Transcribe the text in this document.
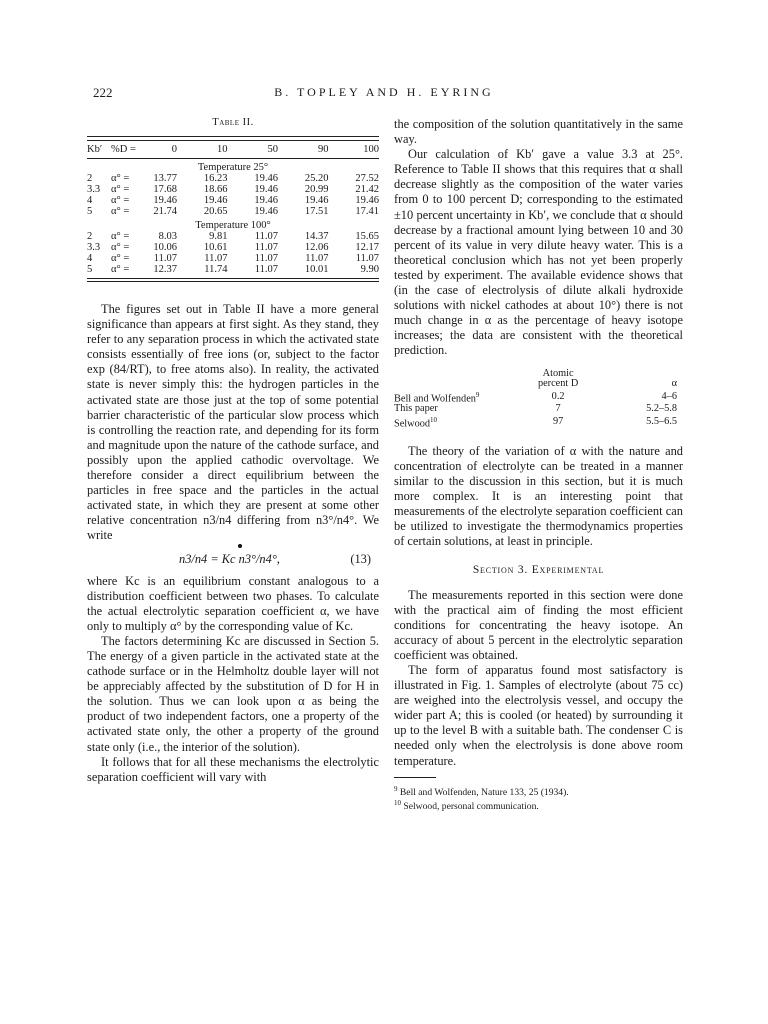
222	B. TOPLEY AND H. EYRING
Table II.

Kb′	%D =	0	10	50	90	100
Temperature 25°						
2	α° =	13.77	16.23	19.46	25.20	27.52
3.3	α° =	17.68	18.66	19.46	20.99	21.42
4	α° =	19.46	19.46	19.46	19.46	19.46
5	α° =	21.74	20.65	19.46	17.51	17.41
Temperature 100°						
2	α° =	8.03	9.81	11.07	14.37	15.65
3.3	α° =	10.06	10.61	11.07	12.06	12.17
4	α° =	11.07	11.07	11.07	11.07	11.07
5	α° =	12.37	11.74	11.07	10.01	9.90

The figures set out in Table II have a more general significance than appears at first sight. As they stand, they refer to any separation process in which the activated state consists essentially of free ions (or, subject to the factor exp (84/RT), to free atoms also). In reality, the activated state is never simply this: the hydrogen particles in the activated state are those just at the top of some potential barrier characteristic of the particular slow process which is controlling the reaction rate, and depending for its form and magnitude upon the nature of the cathode surface, and possibly upon the applied cathodic overvoltage. We therefore consider a direct equilibrium between the particles in free space and the particles in the actual activated state, in which they are present at some other relative concentration n3/n4 differing from n3°/n4°. We write

n3/n4 = Kc n3°/n4°,	(13)

where Kc is an equilibrium constant analogous to a distribution coefficient between two phases. To calculate the actual electrolytic separation coefficient α, we have only to multiply α° by the corresponding value of Kc.

The factors determining Kc are discussed in Section 5. The energy of a given particle in the activated state at the cathode surface or in the Helmholtz double layer will not be appreciably affected by the substitution of D for H in the solution. Thus we can look upon α as being the product of two independent factors, one a property of the activated state only, the other a property of the ground state only (i.e., the interior of the solution).

It follows that for all these mechanisms the electrolytic separation coefficient will vary with

the composition of the solution quantitatively in the same way.

Our calculation of Kb′ gave a value 3.3 at 25°. Reference to Table II shows that this requires that α shall decrease slightly as the composition of the water varies from 0 to 100 percent D; corresponding to the estimated ±10 percent uncertainty in Kb′, we conclude that α should decrease by a fractional amount lying between 10 and 30 percent of its value in very dilute heavy water. This is a theoretical conclusion which has not yet been properly tested by experiment. The available evidence shows that (in the case of electrolysis of dilute alkali hydroxide solutions with nickel cathodes at about 10°) there is not much change in α as the percentage of heavy isotope increases; the data are consistent with the theoretical prediction.

	Atomic	
	percent D	α
Bell and Wolfenden$^9$	0.2	4–6
This paper	7	5.2–5.8
Selwood$^{10}$	97	5.5–6.5

The theory of the variation of α with the nature and concentration of electrolyte can be treated in a manner similar to the discussion in this section, but it is much more complex. It is an interesting point that measurements of the electrolyte separation coefficient can be utilized to investigate the thermodynamics properties of certain solutions, at least in principle.

Section 3. Experimental

The measurements reported in this section were done with the practical aim of finding the most efficient conditions for concentrating the heavy isotope. An accuracy of about 5 percent in the electrolytic separation coefficient was obtained.

The form of apparatus found most satisfactory is illustrated in Fig. 1. Samples of electrolyte (about 75 cc) are weighed into the electrolysis vessel, and occupy the wider part A; this is cooled (or heated) by surrounding it up to the level B with a suitable bath. The condenser C is needed only when the electrolysis is done above room temperature.

$^9$ Bell and Wolfenden, Nature 133, 25 (1934).

$^{10}$ Selwood, personal communication.
